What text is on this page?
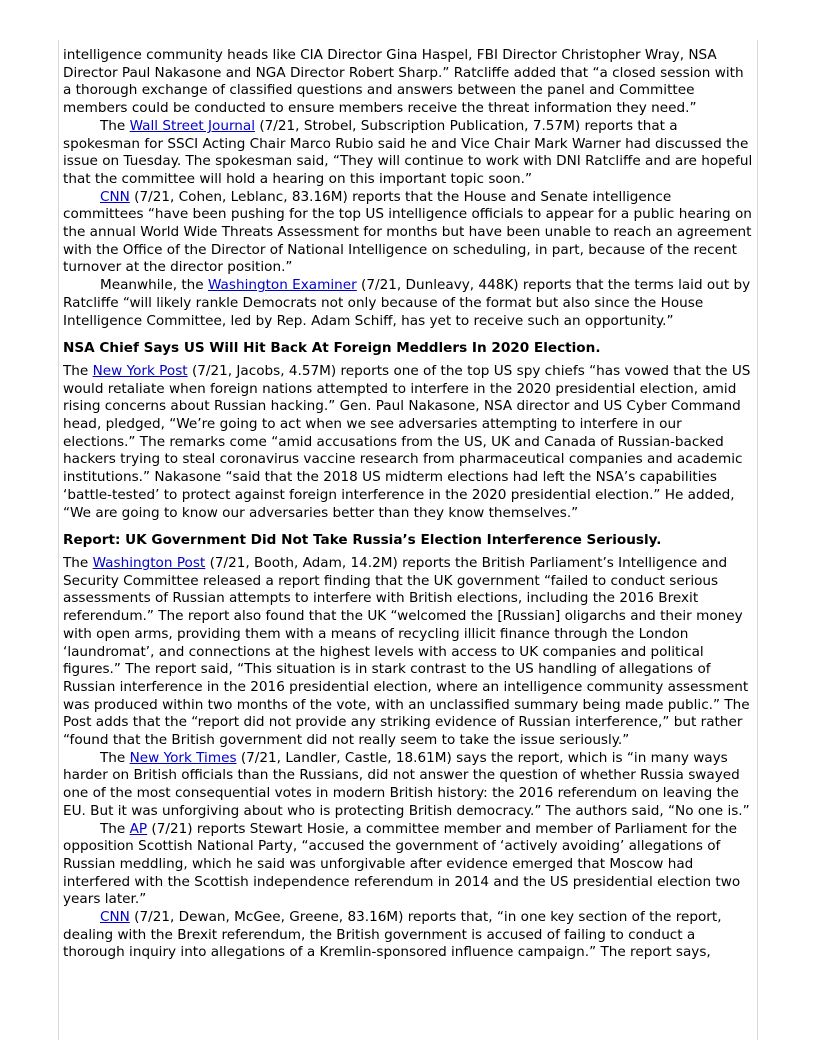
intelligence community heads like CIA Director Gina Haspel, FBI Director Christopher Wray, NSA Director Paul Nakasone and NGA Director Robert Sharp.” Ratcliffe added that “a closed session with a thorough exchange of classified questions and answers between the panel and Committee members could be conducted to ensure members receive the threat information they need.”

The Wall Street Journal (7/21, Strobel, Subscription Publication, 7.57M) reports that a spokesman for SSCI Acting Chair Marco Rubio said he and Vice Chair Mark Warner had discussed the issue on Tuesday. The spokesman said, “They will continue to work with DNI Ratcliffe and are hopeful that the committee will hold a hearing on this important topic soon.”

CNN (7/21, Cohen, Leblanc, 83.16M) reports that the House and Senate intelligence committees “have been pushing for the top US intelligence officials to appear for a public hearing on the annual World Wide Threats Assessment for months but have been unable to reach an agreement with the Office of the Director of National Intelligence on scheduling, in part, because of the recent turnover at the director position.”

Meanwhile, the Washington Examiner (7/21, Dunleavy, 448K) reports that the terms laid out by Ratcliffe “will likely rankle Democrats not only because of the format but also since the House Intelligence Committee, led by Rep. Adam Schiff, has yet to receive such an opportunity.”

NSA Chief Says US Will Hit Back At Foreign Meddlers In 2020 Election.

The New York Post (7/21, Jacobs, 4.57M) reports one of the top US spy chiefs “has vowed that the US would retaliate when foreign nations attempted to interfere in the 2020 presidential election, amid rising concerns about Russian hacking.” Gen. Paul Nakasone, NSA director and US Cyber Command head, pledged, “We’re going to act when we see adversaries attempting to interfere in our elections.” The remarks come “amid accusations from the US, UK and Canada of Russian-backed hackers trying to steal coronavirus vaccine research from pharmaceutical companies and academic institutions.” Nakasone “said that the 2018 US midterm elections had left the NSA’s capabilities ‘battle-tested’ to protect against foreign interference in the 2020 presidential election.” He added, “We are going to know our adversaries better than they know themselves.”

Report: UK Government Did Not Take Russia’s Election Interference Seriously.

The Washington Post (7/21, Booth, Adam, 14.2M) reports the British Parliament’s Intelligence and Security Committee released a report finding that the UK government “failed to conduct serious assessments of Russian attempts to interfere with British elections, including the 2016 Brexit referendum.” The report also found that the UK “welcomed the [Russian] oligarchs and their money with open arms, providing them with a means of recycling illicit finance through the London ‘laundromat’, and connections at the highest levels with access to UK companies and political figures.” The report said, “This situation is in stark contrast to the US handling of allegations of Russian interference in the 2016 presidential election, where an intelligence community assessment was produced within two months of the vote, with an unclassified summary being made public.” The Post adds that the “report did not provide any striking evidence of Russian interference,” but rather “found that the British government did not really seem to take the issue seriously.”

The New York Times (7/21, Landler, Castle, 18.61M) says the report, which is “in many ways harder on British officials than the Russians, did not answer the question of whether Russia swayed one of the most consequential votes in modern British history: the 2016 referendum on leaving the EU. But it was unforgiving about who is protecting British democracy.” The authors said, “No one is.”

The AP (7/21) reports Stewart Hosie, a committee member and member of Parliament for the opposition Scottish National Party, “accused the government of ‘actively avoiding’ allegations of Russian meddling, which he said was unforgivable after evidence emerged that Moscow had interfered with the Scottish independence referendum in 2014 and the US presidential election two years later.”

CNN (7/21, Dewan, McGee, Greene, 83.16M) reports that, “in one key section of the report, dealing with the Brexit referendum, the British government is accused of failing to conduct a thorough inquiry into allegations of a Kremlin-sponsored influence campaign.” The report says,
